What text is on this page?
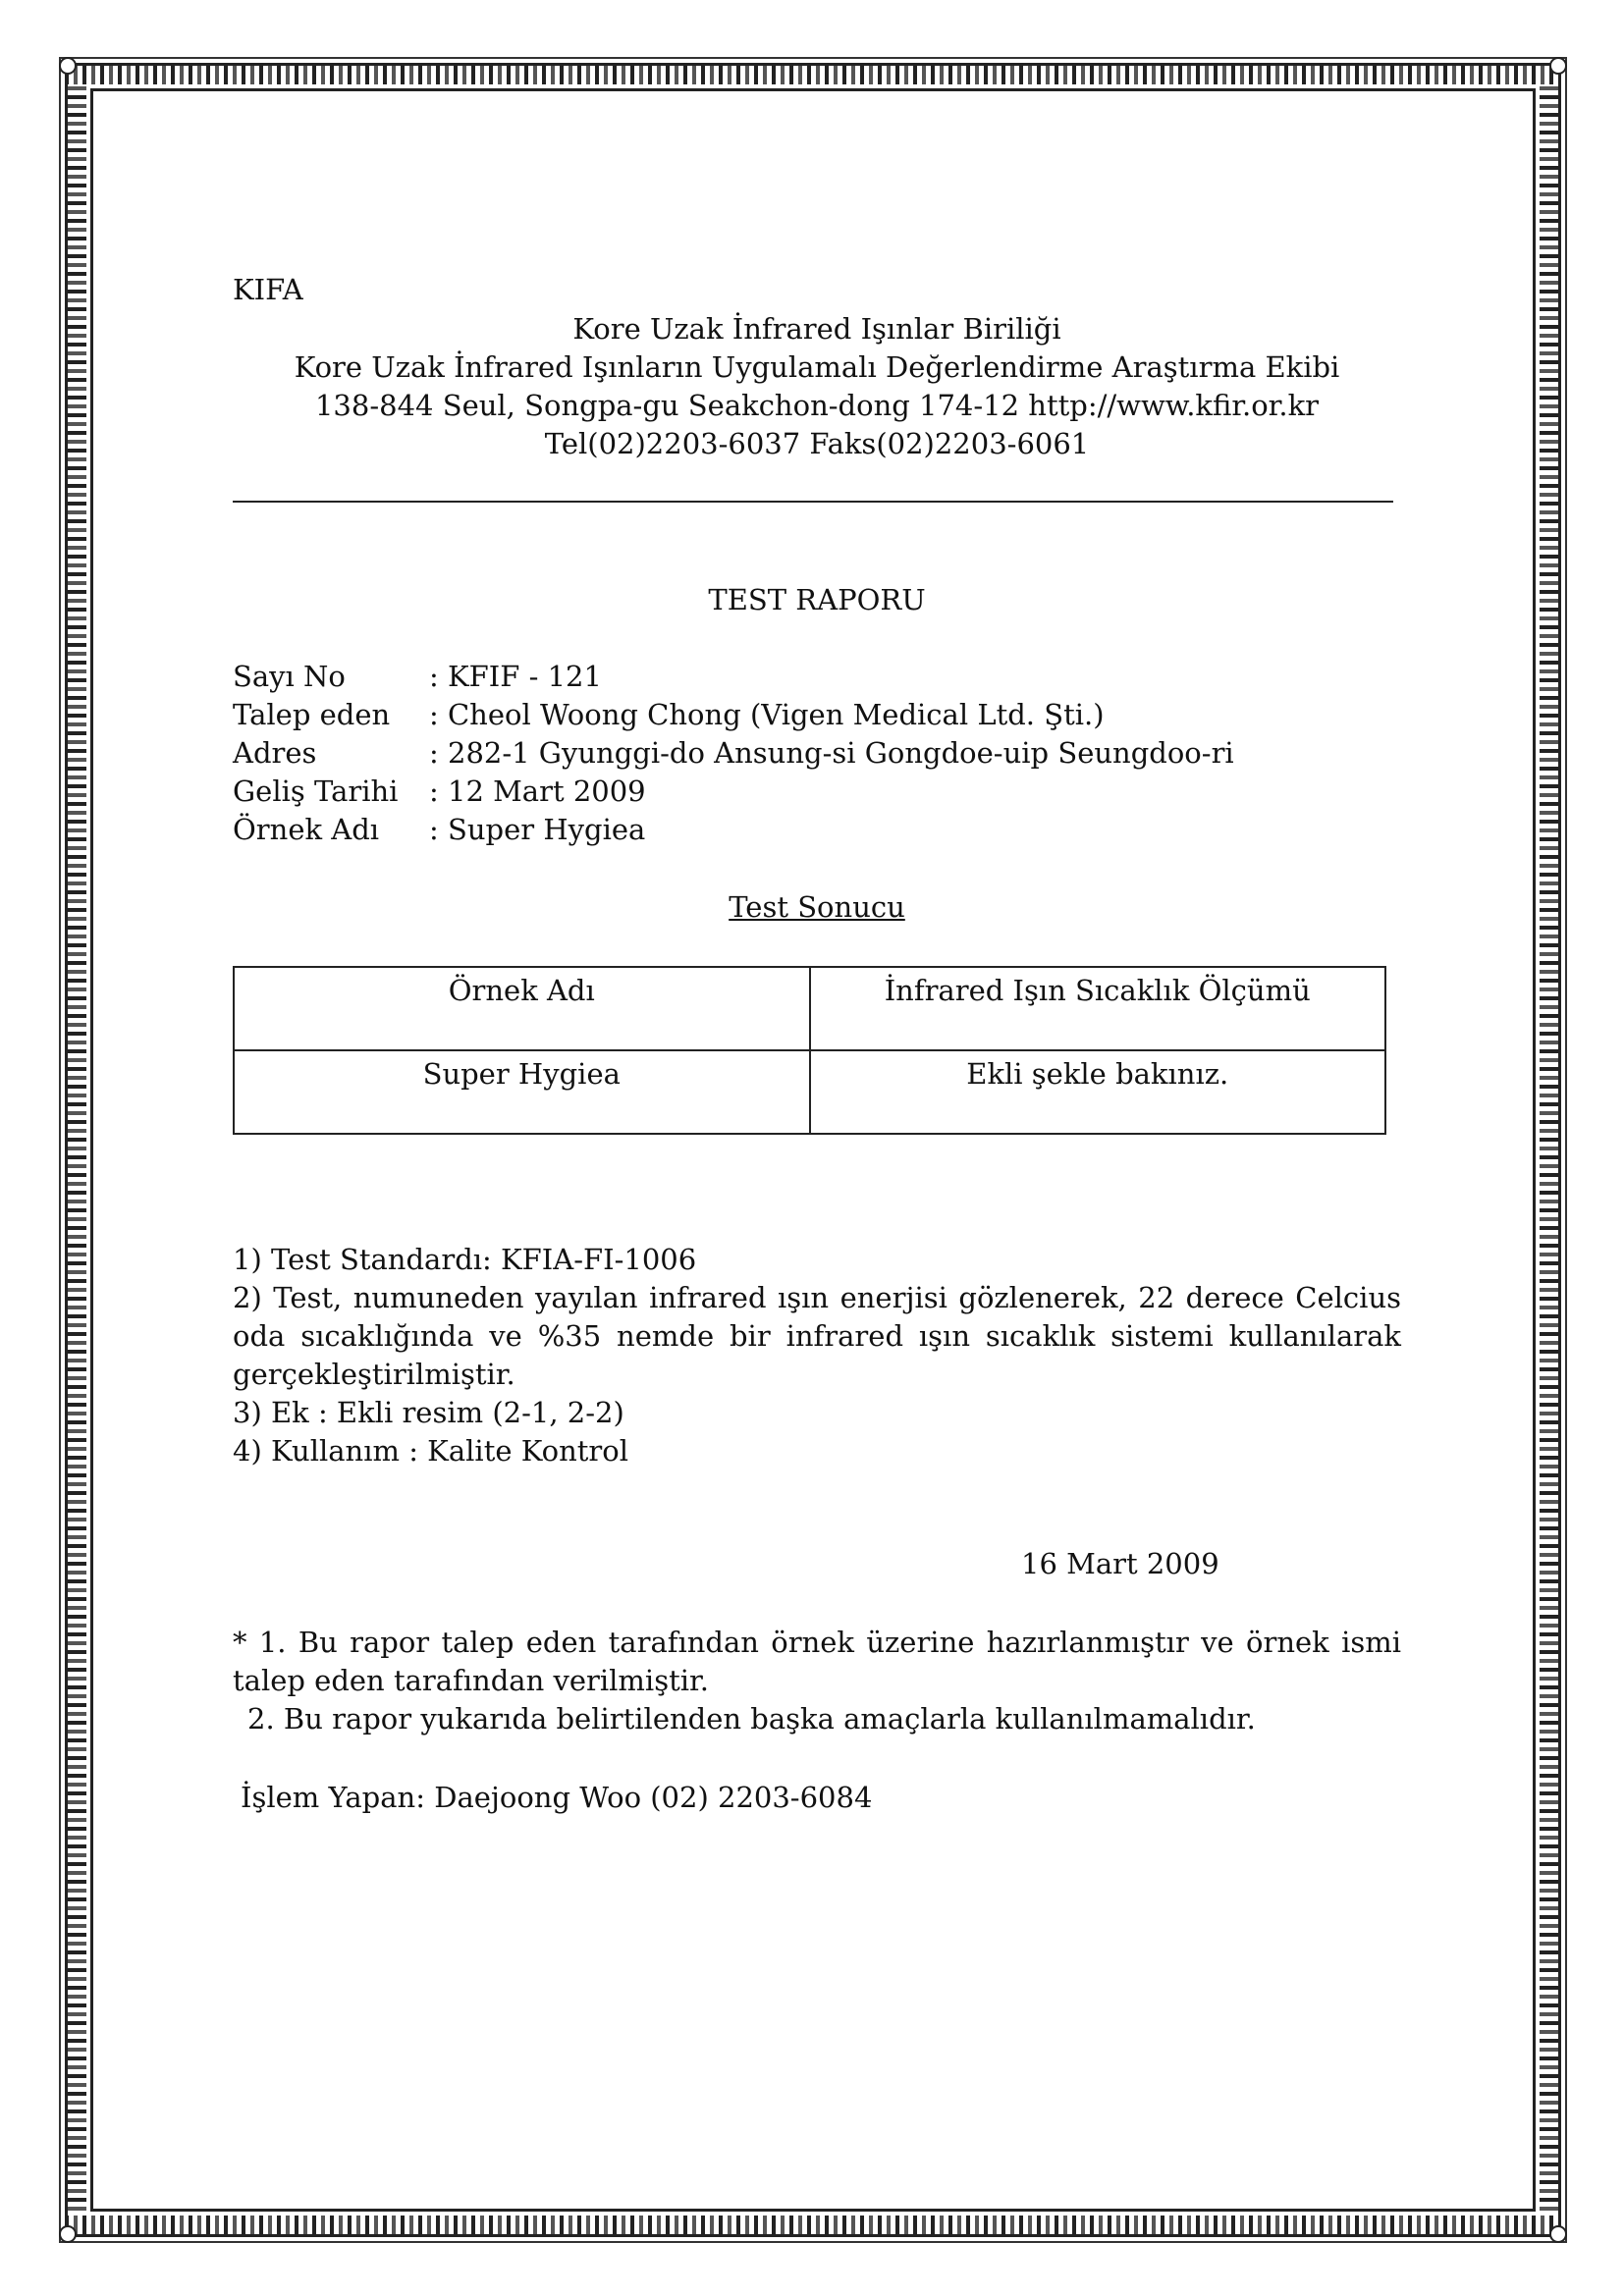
KIFA
Kore Uzak İnfrared Işınlar Biriliği
Kore Uzak İnfrared Işınların Uygulamalı Değerlendirme Araştırma Ekibi
138-844 Seul, Songpa-gu Seakchon-dong 174-12 http://www.kfir.or.kr
Tel(02)2203-6037 Faks(02)2203-6061
TEST RAPORU
Sayı No	: KFIF - 121
Talep eden : Cheol Woong Chong (Vigen Medical Ltd. Şti.)
Adres	: 282-1 Gyunggi-do Ansung-si Gongdoe-uip Seungdoo-ri
Geliş Tarihi : 12 Mart 2009
Örnek Adı : Super Hygiea
Test Sonucu
Örnek Adı	İnfrared Işın Sıcaklık Ölçümü
Super Hygiea	Ekli şekle bakınız.
1) Test Standardı: KFIA-FI-1006
2) Test, numuneden yayılan infrared ışın enerjisi gözlenerek, 22 derece Celcius oda sıcaklığında ve %35 nemde bir infrared ışın sıcaklık sistemi kullanılarak gerçekleştirilmiştir.
3) Ek : Ekli resim (2-1, 2-2)
4) Kullanım : Kalite Kontrol
16 Mart 2009
* 1. Bu rapor talep eden tarafından örnek üzerine hazırlanmıştır ve örnek ismi talep eden tarafından verilmiştir.
2. Bu rapor yukarıda belirtilenden başka amaçlarla kullanılmamalıdır.
İşlem Yapan: Daejoong Woo (02) 2203-6084
